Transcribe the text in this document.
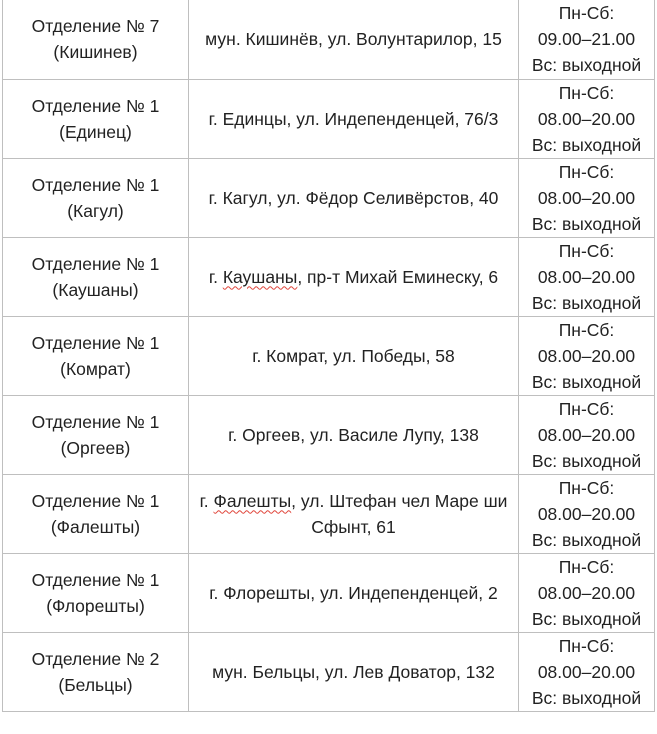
Отделение № 7
(Кишинев)	мун. Кишинёв, ул. Волунтарилор, 15	Пн-Сб:
09.00–21.00
Вс: выходной

Отделение № 1
(Единец)	г. Единцы, ул. Индепенденцей, 76/3	Пн-Сб:
08.00–20.00
Вс: выходной

Отделение № 1
(Кагул)	г. Кагул, ул. Фёдор Селивёрстов, 40	Пн-Сб:
08.00–20.00
Вс: выходной

Отделение № 1
(Каушаны)	г. Каушаны, пр-т Михай Еминеску, 6	Пн-Сб:
08.00–20.00
Вс: выходной

Отделение № 1
(Комрат)	г. Комрат, ул. Победы, 58	Пн-Сб:
08.00–20.00
Вс: выходной

Отделение № 1
(Оргеев)	г. Оргеев, ул. Василе Лупу, 138	Пн-Сб:
08.00–20.00
Вс: выходной

Отделение № 1
(Фалешты)	г. Фалешты, ул. Штефан чел Маре ши Сфынт, 61	Пн-Сб:
08.00–20.00
Вс: выходной

Отделение № 1
(Флорешты)	г. Флорешты, ул. Индепенденцей, 2	Пн-Сб:
08.00–20.00
Вс: выходной

Отделение № 2
(Бельцы)	мун. Бельцы, ул. Лев Доватор, 132	Пн-Сб:
08.00–20.00
Вс: выходной
